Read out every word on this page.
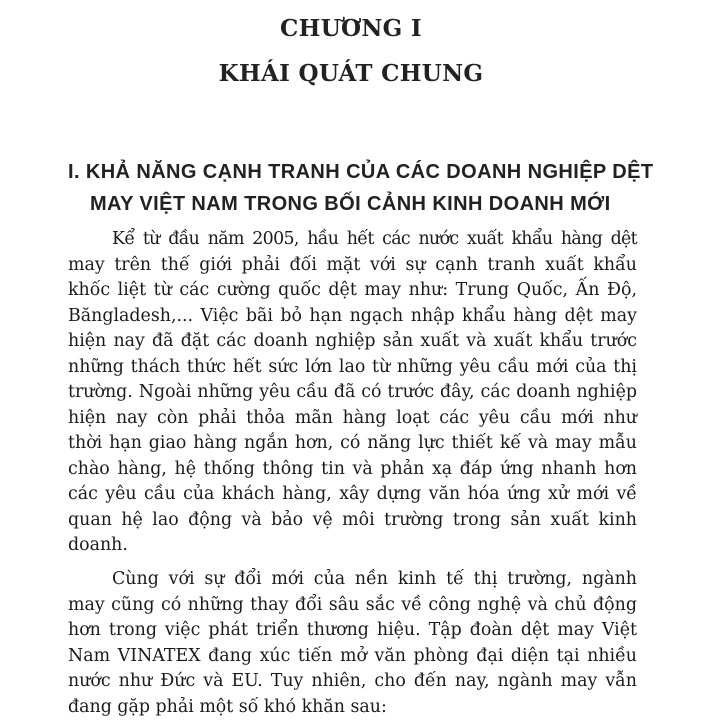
CHƯƠNG I
KHÁI QUÁT CHUNG
I. KHẢ NĂNG CẠNH TRANH CỦA CÁC DOANH NGHIỆP DỆT
MAY VIỆT NAM TRONG BỐI CẢNH KINH DOANH MỚI
Kể từ đầu năm 2005, hầu hết các nước xuất khẩu hàng dệt
may trên thế giới phải đối mặt với sự cạnh tranh xuất khẩu
khốc liệt từ các cường quốc dệt may như: Trung Quốc, Ấn Độ,
Băngladesh,... Việc bãi bỏ hạn ngạch nhập khẩu hàng dệt may
hiện nay đã đặt các doanh nghiệp sản xuất và xuất khẩu trước
những thách thức hết sức lớn lao từ những yêu cầu mới của thị
trường. Ngoài những yêu cầu đã có trước đây, các doanh nghiệp
hiện nay còn phải thỏa mãn hàng loạt các yêu cầu mới như
thời hạn giao hàng ngắn hơn, có năng lực thiết kế và may mẫu
chào hàng, hệ thống thông tin và phản xạ đáp ứng nhanh hơn
các yêu cầu của khách hàng, xây dựng văn hóa ứng xử mới về
quan hệ lao động và bảo vệ môi trường trong sản xuất kinh
doanh.
Cùng với sự đổi mới của nền kinh tế thị trường, ngành
may cũng có những thay đổi sâu sắc về công nghệ và chủ động
hơn trong việc phát triển thương hiệu. Tập đoàn dệt may Việt
Nam VINATEX đang xúc tiến mở văn phòng đại diện tại nhiều
nước như Đức và EU. Tuy nhiên, cho đến nay, ngành may vẫn
đang gặp phải một số khó khăn sau:
